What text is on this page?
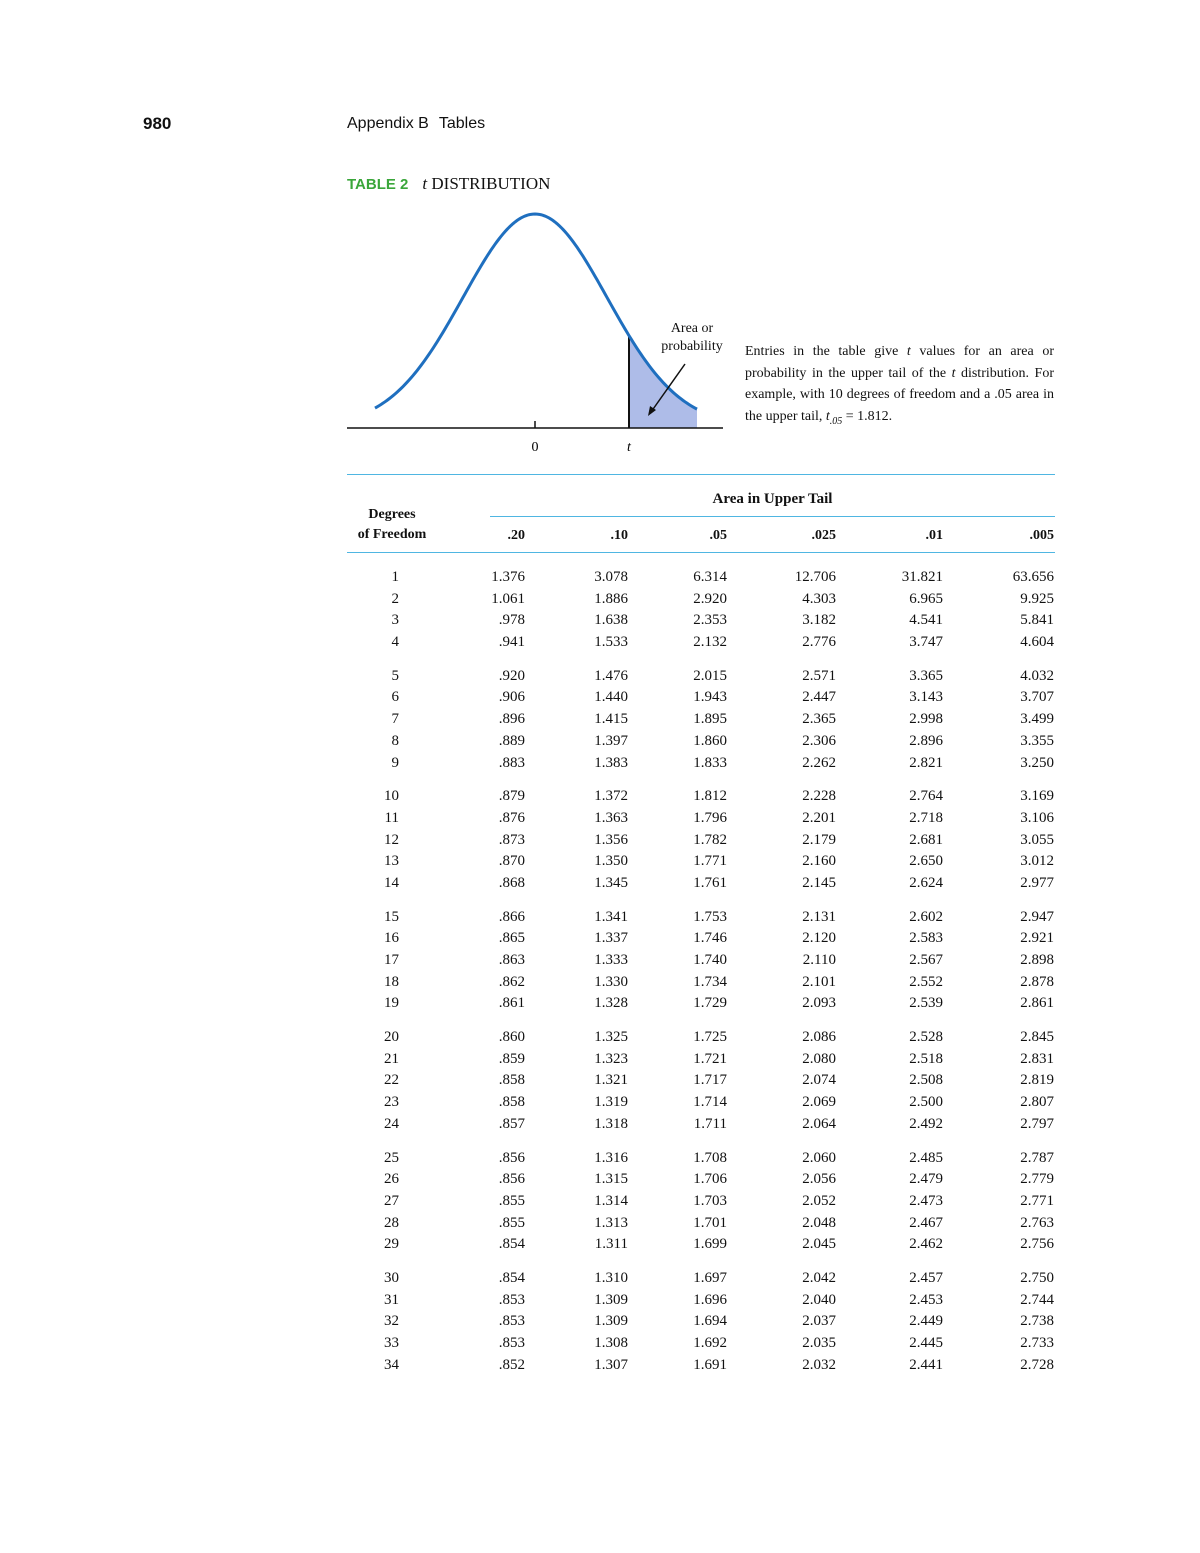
980	Appendix B Tables
TABLE 2 t DISTRIBUTION
0	t
Area or
probability	Entries in the table give t values for an area or probability in the upper tail of the t distribution. For example, with 10 degrees of freedom and a .05 area in the upper tail, $t_{.05} = 1.812$.
Area in Upper Tail
Degrees
of Freedom	.20	.10	.05	.025	.01	.005
1	1.376	3.078	6.314	12.706	31.821	63.656
2	1.061	1.886	2.920	4.303	6.965	9.925
3	.978	1.638	2.353	3.182	4.541	5.841
4	.941	1.533	2.132	2.776	3.747	4.604
5	.920	1.476	2.015	2.571	3.365	4.032
6	.906	1.440	1.943	2.447	3.143	3.707
7	.896	1.415	1.895	2.365	2.998	3.499
8	.889	1.397	1.860	2.306	2.896	3.355
9	.883	1.383	1.833	2.262	2.821	3.250
10	.879	1.372	1.812	2.228	2.764	3.169
11	.876	1.363	1.796	2.201	2.718	3.106
12	.873	1.356	1.782	2.179	2.681	3.055
13	.870	1.350	1.771	2.160	2.650	3.012
14	.868	1.345	1.761	2.145	2.624	2.977
15	.866	1.341	1.753	2.131	2.602	2.947
16	.865	1.337	1.746	2.120	2.583	2.921
17	.863	1.333	1.740	2.110	2.567	2.898
18	.862	1.330	1.734	2.101	2.552	2.878
19	.861	1.328	1.729	2.093	2.539	2.861
20	.860	1.325	1.725	2.086	2.528	2.845
21	.859	1.323	1.721	2.080	2.518	2.831
22	.858	1.321	1.717	2.074	2.508	2.819
23	.858	1.319	1.714	2.069	2.500	2.807
24	.857	1.318	1.711	2.064	2.492	2.797
25	.856	1.316	1.708	2.060	2.485	2.787
26	.856	1.315	1.706	2.056	2.479	2.779
27	.855	1.314	1.703	2.052	2.473	2.771
28	.855	1.313	1.701	2.048	2.467	2.763
29	.854	1.311	1.699	2.045	2.462	2.756
30	.854	1.310	1.697	2.042	2.457	2.750
31	.853	1.309	1.696	2.040	2.453	2.744
32	.853	1.309	1.694	2.037	2.449	2.738
33	.853	1.308	1.692	2.035	2.445	2.733
34	.852	1.307	1.691	2.032	2.441	2.728
